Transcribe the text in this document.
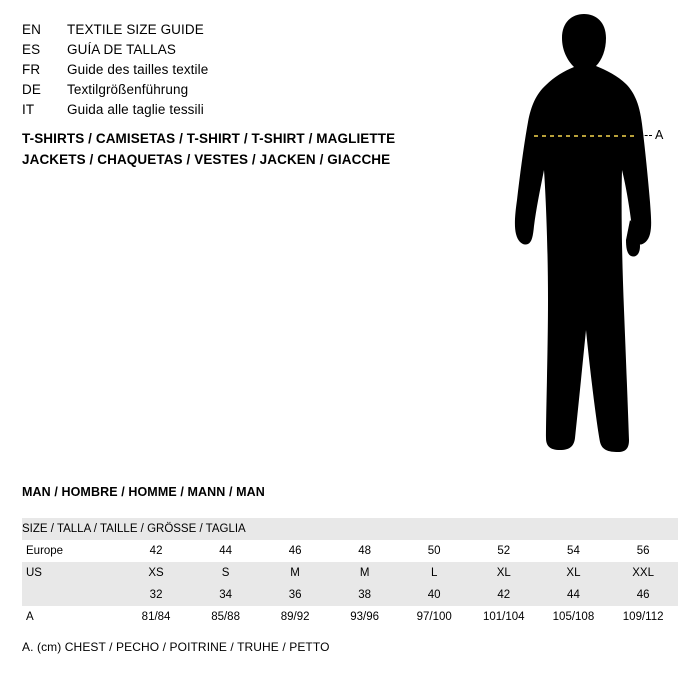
EN	TEXTILE SIZE GUIDE
ES	GUÍA DE TALLAS
FR	Guide des tailles textile
DE	Textilgrößenführung
IT	Guida alle taglie tessili
T-SHIRTS / CAMISETAS / T-SHIRT / T-SHIRT / MAGLIETTE
JACKETS / CHAQUETAS / VESTES / JACKEN / GIACCHE
A
MAN / HOMBRE / HOMME / MANN / MAN
SIZE / TALLA / TAILLE / GRÖSSE / TAGLIA								
Europe	42	44	46	48	50	52	54	56
US	XS	S	M	M	L	XL	XL	XXL
	32	34	36	38	40	42	44	46
A	81/84	85/88	89/92	93/96	97/100	101/104	105/108	109/112
A. (cm) CHEST / PECHO / POITRINE / TRUHE / PETTO
